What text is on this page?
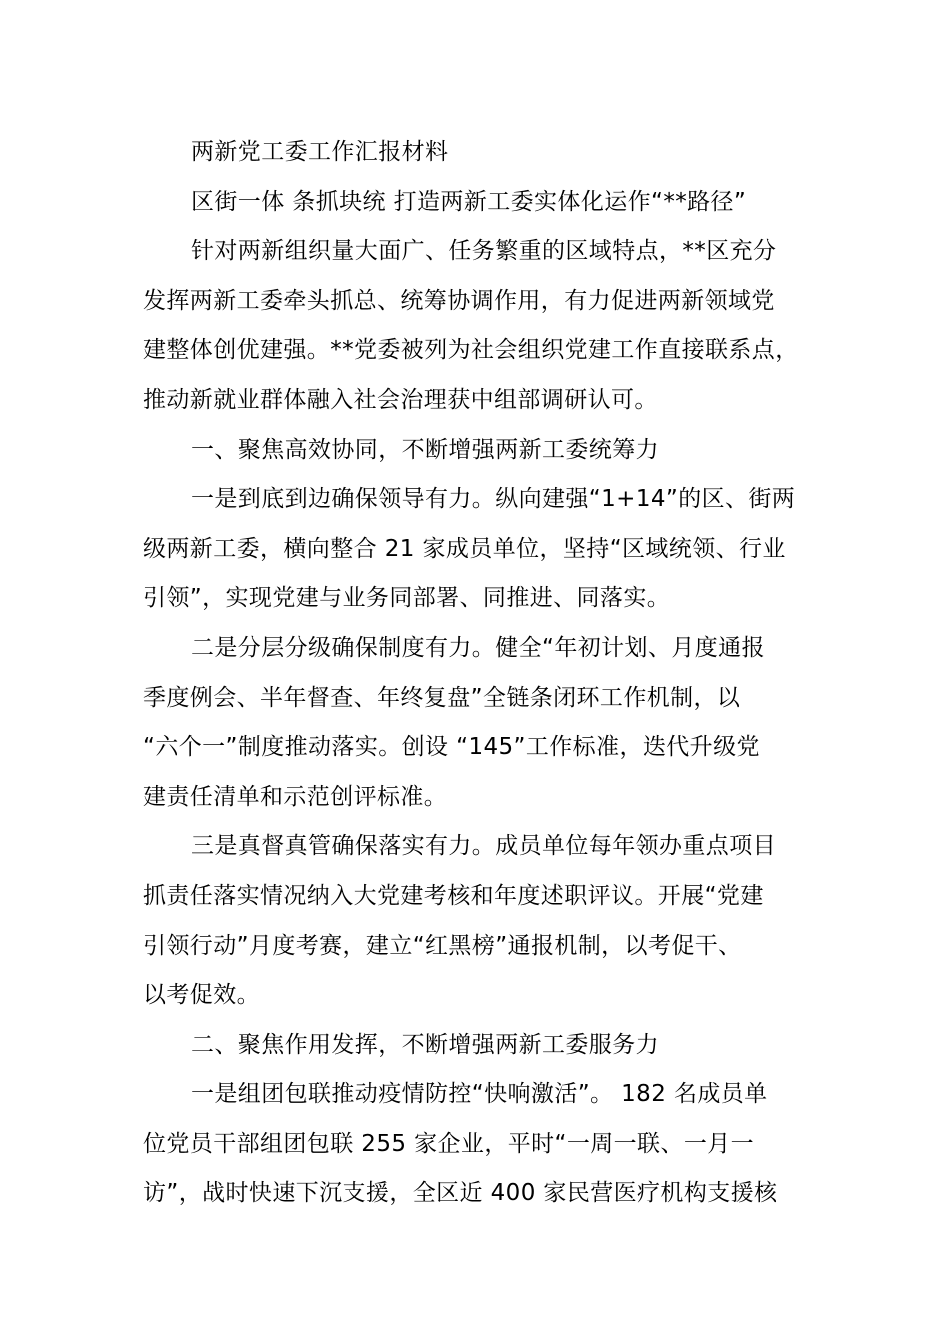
两新党工委工作汇报材料
区街一体 条抓块统 打造两新工委实体化运作“**路径”
针对两新组织量大面广、任务繁重的区域特点，**区充分
发挥两新工委牵头抓总、统筹协调作用，有力促进两新领域党
建整体创优建强。**党委被列为社会组织党建工作直接联系点，
推动新就业群体融入社会治理获中组部调研认可。
一、聚焦高效协同，不断增强两新工委统筹力
一是到底到边确保领导有力。纵向建强“1+14”的区、街两
级两新工委，横向整合 21 家成员单位，坚持“区域统领、行业
引领”，实现党建与业务同部署、同推进、同落实。
二是分层分级确保制度有力。健全“年初计划、月度通报
季度例会、半年督查、年终复盘”全链条闭环工作机制，以
“六个一”制度推动落实。创设 “145”工作标准，迭代升级党
建责任清单和示范创评标准。
三是真督真管确保落实有力。成员单位每年领办重点项目
抓责任落实情况纳入大党建考核和年度述职评议。开展“党建
引领行动”月度考赛，建立“红黑榜”通报机制，以考促干、
以考促效。
二、聚焦作用发挥，不断增强两新工委服务力
一是组团包联推动疫情防控“快响激活”。 182 名成员单
位党员干部组团包联 255 家企业，平时“一周一联、一月一
访”，战时快速下沉支援，全区近 400 家民营医疗机构支援核
